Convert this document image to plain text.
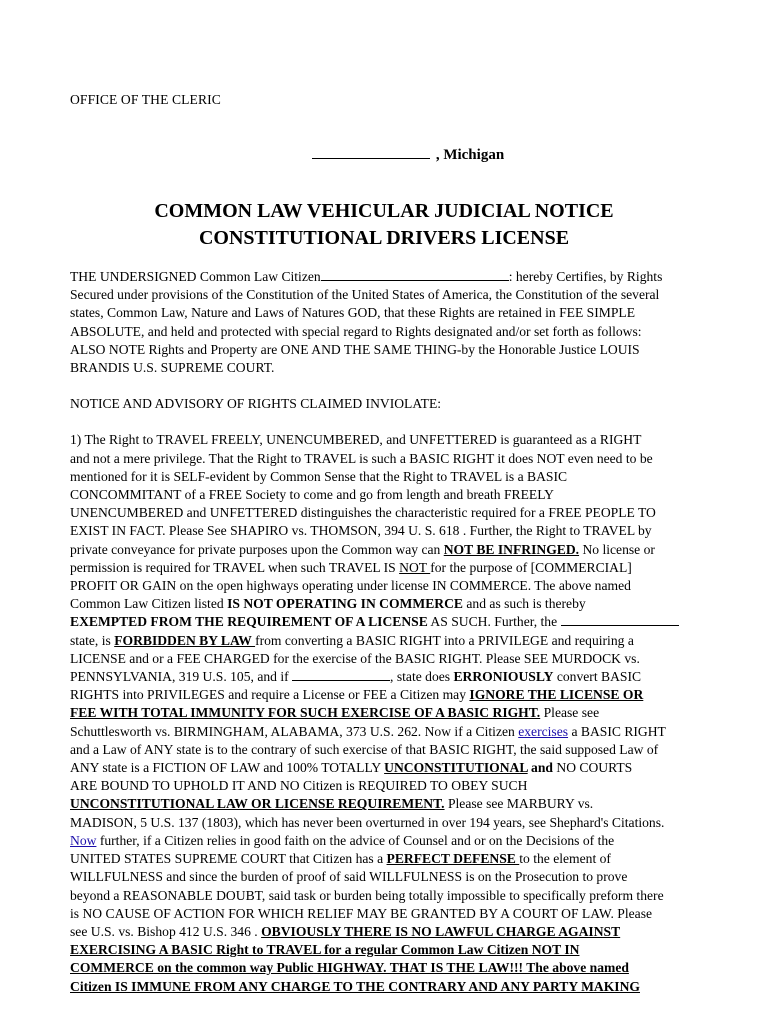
OFFICE OF THE CLERIC
, Michigan
COMMON LAW VEHICULAR JUDICIAL NOTICE
CONSTITUTIONAL DRIVERS LICENSE

THE UNDERSIGNED Common Law Citizen	: hereby Certifies, by Rights
Secured under provisions of the Constitution of the United States of America, the Constitution of the several
states, Common Law, Nature and Laws of Natures GOD, that these Rights are retained in FEE SIMPLE
ABSOLUTE, and held and protected with special regard to Rights designated and/or set forth as follows:
ALSO NOTE Rights and Property are ONE AND THE SAME THING-by the Honorable Justice LOUIS
BRANDIS U.S. SUPREME COURT.

NOTICE AND ADVISORY OF RIGHTS CLAIMED INVIOLATE:

1) The Right to TRAVEL FREELY, UNENCUMBERED, and UNFETTERED is guaranteed as a RIGHT
and not a mere privilege. That the Right to TRAVEL is such a BASIC RIGHT it does NOT even need to be
mentioned for it is SELF-evident by Common Sense that the Right to TRAVEL is a BASIC
CONCOMMITANT of a FREE Society to come and go from length and breath FREELY
UNENCUMBERED and UNFETTERED distinguishes the characteristic required for a FREE PEOPLE TO
EXIST IN FACT. Please See SHAPIRO vs. THOMSON, 394 U. S. 618 . Further, the Right to TRAVEL by
private conveyance for private purposes upon the Common way can NOT BE INFRINGED. No license or
permission is required for TRAVEL when such TRAVEL IS NOT for the purpose of [COMMERCIAL]
PROFIT OR GAIN on the open highways operating under license IN COMMERCE. The above named
Common Law Citizen listed IS NOT OPERATING IN COMMERCE and as such is thereby
EXEMPTED FROM THE REQUIREMENT OF A LICENSE AS SUCH. Further, the
state, is FORBIDDEN BY LAW from converting a BASIC RIGHT into a PRIVILEGE and requiring a
LICENSE and or a FEE CHARGED for the exercise of the BASIC RIGHT. Please SEE MURDOCK vs.
PENNSYLVANIA, 319 U.S. 105, and if	, state does ERRONIOUSLY convert BASIC
RIGHTS into PRIVILEGES and require a License or FEE a Citizen may IGNORE THE LICENSE OR
FEE WITH TOTAL IMMUNITY FOR SUCH EXERCISE OF A BASIC RIGHT. Please see
Schuttlesworth vs. BIRMINGHAM, ALABAMA, 373 U.S. 262. Now if a Citizen exercises a BASIC RIGHT
and a Law of ANY state is to the contrary of such exercise of that BASIC RIGHT, the said supposed Law of
ANY state is a FICTION OF LAW and 100% TOTALLY UNCONSTITUTIONAL and NO COURTS
ARE BOUND TO UPHOLD IT AND NO Citizen is REQUIRED TO OBEY SUCH
UNCONSTITUTIONAL LAW OR LICENSE REQUIREMENT. Please see MARBURY vs.
MADISON, 5 U.S. 137 (1803), which has never been overturned in over 194 years, see Shephard's Citations.
Now further, if a Citizen relies in good faith on the advice of Counsel and or on the Decisions of the
UNITED STATES SUPREME COURT that Citizen has a PERFECT DEFENSE to the element of
WILLFULNESS and since the burden of proof of said WILLFULNESS is on the Prosecution to prove
beyond a REASONABLE DOUBT, said task or burden being totally impossible to specifically preform there
is NO CAUSE OF ACTION FOR WHICH RELIEF MAY BE GRANTED BY A COURT OF LAW. Please
see U.S. vs. Bishop 412 U.S. 346 . OBVIOUSLY THERE IS NO LAWFUL CHARGE AGAINST
EXERCISING A BASIC Right to TRAVEL for a regular Common Law Citizen NOT IN
COMMERCE on the common way Public HIGHWAY. THAT IS THE LAW!!! The above named
Citizen IS IMMUNE FROM ANY CHARGE TO THE CONTRARY AND ANY PARTY MAKING
